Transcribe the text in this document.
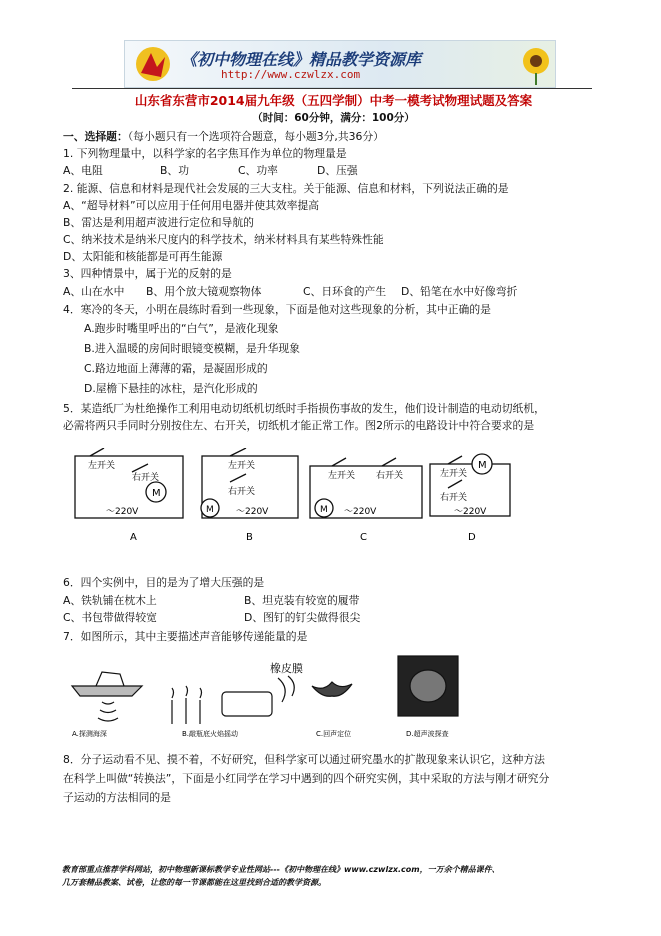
《初中物理在线》精品教学资源库
http://www.czwlzx.com
山东省东营市2014届九年级（五四学制）中考一模考试物理试题及答案
（时间：60分钟，满分：100分）
一、选择题：（每小题只有一个选项符合题意，每小题3分,共36分）
1. 下列物理量中，以科学家的名字焦耳作为单位的物理量是
A、电阻	B、功	C、功率	D、压强
2. 能源、信息和材料是现代社会发展的三大支柱。关于能源、信息和材料，下列说法正确的是
A、“超导材料”可以应用于任何用电器并使其效率提高
B、雷达是利用超声波进行定位和导航的
C、纳米技术是纳米尺度内的科学技术，纳米材料具有某些特殊性能
D、太阳能和核能都是可再生能源
3、四种情景中，属于光的反射的是
A、山在水中 B、用个放大镜观察物体	C、日环食的产生 D、铅笔在水中好像弯折
4．寒冷的冬天，小明在晨练时看到一些现象，下面是他对这些现象的分析，其中正确的是
A.跑步时嘴里呼出的“白气”，是液化现象
B.进入温暖的房间时眼镜变模糊，是升华现象
C.路边地面上薄薄的霜，是凝固形成的
D.屋檐下悬挂的冰柱，是汽化形成的
5．某造纸厂为杜绝操作工利用电动切纸机切纸时手指损伤事故的发生，他们设计制造的电动切纸机，
必需将两只手同时分别按住左、右开关，切纸机才能正常工作。图2所示的电路设计中符合要求的是
左开关
右开关
M
～220V
左开关
右开关
M ～220V
左开关 右开关
M ～220V
左开关
右开关
M
～220V
A	B	C	D
6．四个实例中，目的是为了增大压强的是
A、铁轨铺在枕木上	B、坦克装有较宽的履带
C、书包带做得较宽	D、图钉的钉尖做得很尖
7．如图所示，其中主要描述声音能够传递能量的是
橡皮膜
A.探测海深	B.敲瓶底火焰摇动	C.回声定位	D.超声波探查
8．分子运动看不见、摸不着，不好研究，但科学家可以通过研究墨水的扩散现象来认识它，这种方法
在科学上叫做“转换法”，下面是小红同学在学习中遇到的四个研究实例，其中采取的方法与刚才研究分
子运动的方法相同的是
教育部重点推荐学科网站，初中物理新课标教学专业性网站---《初中物理在线》www.czwlzx.com，一万余个精品课件、
几万套精品教案、试卷，让您的每一节课都能在这里找到合适的教学资源。
